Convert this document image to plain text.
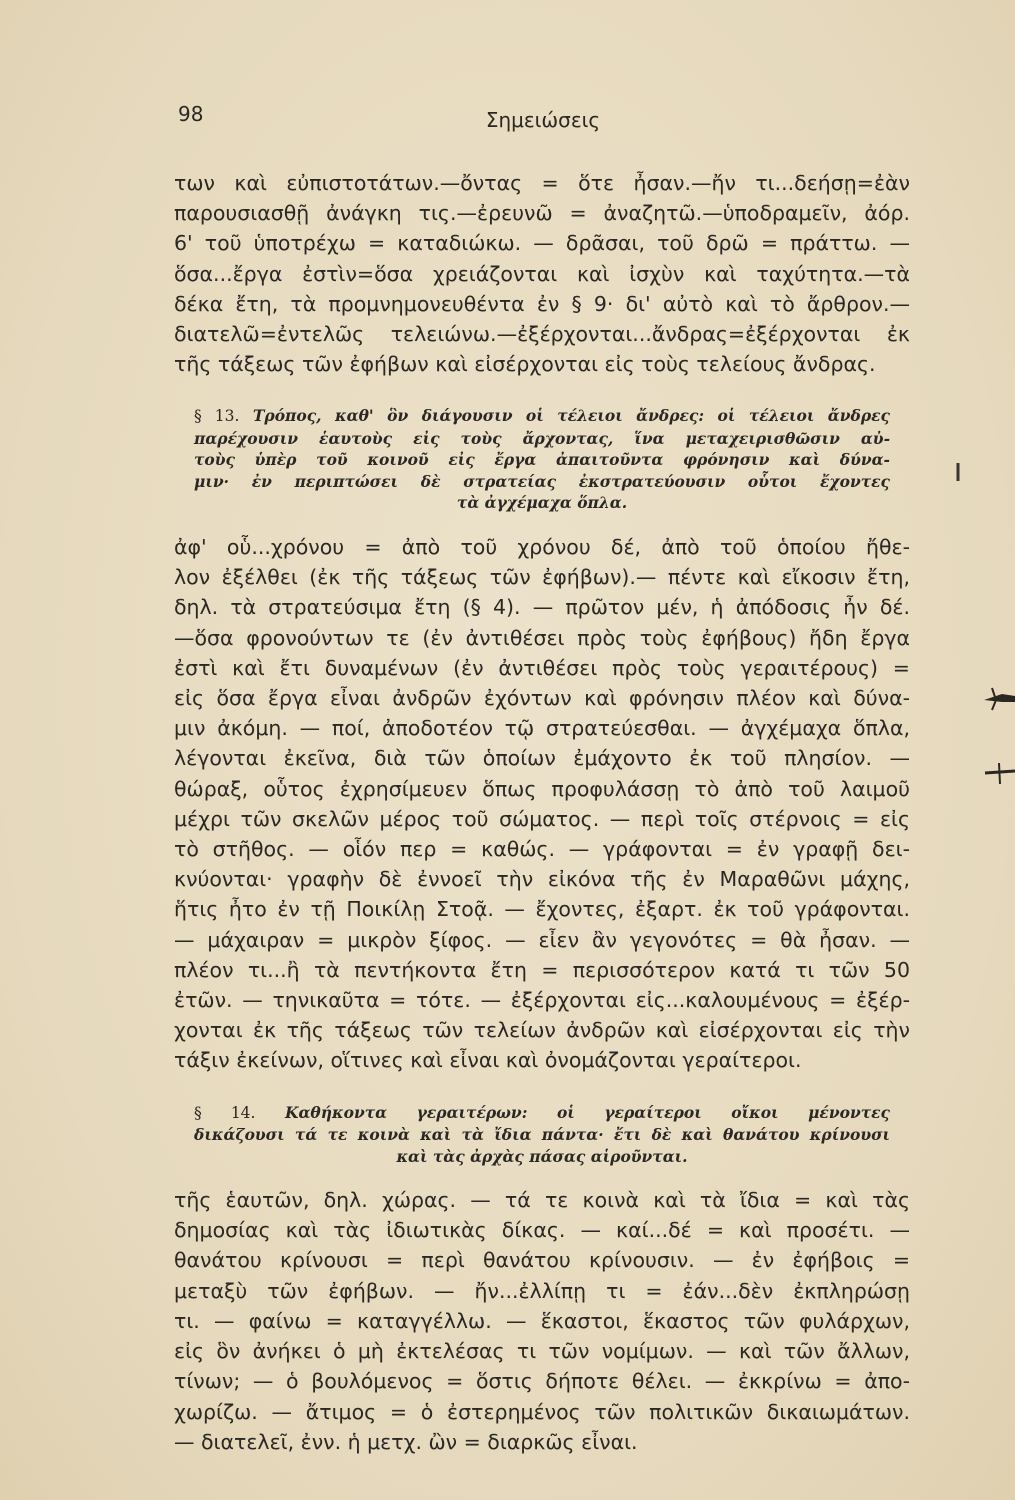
98	Σημειώσεις

των καὶ εὐπιστοτάτων.—ὄντας = ὅτε ἦσαν.—ἤν τι...δεήσῃ=ἐὰν
παρουσιασθῇ ἀνάγκη τις.—ἐρευνῶ = ἀναζητῶ.—ὑποδραμεῖν, ἀόρ.
6' τοῦ ὑποτρέχω = καταδιώκω. — δρᾶσαι, τοῦ δρῶ = πράττω. —
ὅσα...ἔργα ἐστὶν=ὅσα χρειάζονται καὶ ἰσχὺν καὶ ταχύτητα.—τὰ
δέκα ἔτη, τὰ προμνημονευθέντα ἐν § 9· δι' αὐτὸ καὶ τὸ ἄρθρον.—
διατελῶ=ἐντελῶς τελειώνω.—ἐξέρχονται...ἄνδρας=ἐξέρχονται ἐκ
τῆς τάξεως τῶν ἐφήβων καὶ εἰσέρχονται εἰς τοὺς τελείους ἄνδρας.

§ 13. Τρόπος, καθ' ὃν διάγουσιν οἱ τέλειοι ἄνδρες: οἱ τέλειοι ἄνδρες
παρέχουσιν ἑαυτοὺς εἰς τοὺς ἄρχοντας, ἵνα μεταχειρισθῶσιν αὐ-
τοὺς ὑπὲρ τοῦ κοινοῦ εἰς ἔργα ἀπαιτοῦντα φρόνησιν καὶ δύνα-
μιν· ἐν περιπτώσει δὲ στρατείας ἐκστρατεύουσιν οὗτοι ἔχοντες
τὰ ἀγχέμαχα ὅπλα.

ἀφ' οὗ...χρόνου = ἀπὸ τοῦ χρόνου δέ, ἀπὸ τοῦ ὁποίου ἤθε-
λον ἐξέλθει (ἐκ τῆς τάξεως τῶν ἐφήβων).— πέντε καὶ εἴκοσιν ἔτη,
δηλ. τὰ στρατεύσιμα ἔτη (§ 4). — πρῶτον μέν, ἡ ἀπόδοσις ἦν δέ.
—ὅσα φρονούντων τε (ἐν ἀντιθέσει πρὸς τοὺς ἐφήβους) ἤδη ἔργα
ἐστὶ καὶ ἔτι δυναμένων (ἐν ἀντιθέσει πρὸς τοὺς γεραιτέρους) =
εἰς ὅσα ἔργα εἶναι ἀνδρῶν ἐχόντων καὶ φρόνησιν πλέον καὶ δύνα-
μιν ἀκόμη. — ποί, ἀποδοτέον τῷ στρατεύεσθαι. — ἀγχέμαχα ὅπλα,
λέγονται ἐκεῖνα, διὰ τῶν ὁποίων ἐμάχοντο ἐκ τοῦ πλησίον. —
θώραξ, οὗτος ἐχρησίμευεν ὅπως προφυλάσσῃ τὸ ἀπὸ τοῦ λαιμοῦ
μέχρι τῶν σκελῶν μέρος τοῦ σώματος. — περὶ τοῖς στέρνοις = εἰς
τὸ στῆθος. — οἷόν περ = καθώς. — γράφονται = ἐν γραφῇ δει-
κνύονται· γραφὴν δὲ ἐννοεῖ τὴν εἰκόνα τῆς ἐν Μαραθῶνι μάχης,
ἥτις ἦτο ἐν τῇ Ποικίλῃ Στοᾷ. — ἔχοντες, ἐξαρτ. ἐκ τοῦ γράφονται.
— μάχαιραν = μικρὸν ξίφος. — εἶεν ἂν γεγονότες = θὰ ἦσαν. —
πλέον τι...ἢ τὰ πεντήκοντα ἔτη = περισσότερον κατά τι τῶν 50
ἐτῶν. — τηνικαῦτα = τότε. — ἐξέρχονται εἰς...καλουμένους = ἐξέρ-
χονται ἐκ τῆς τάξεως τῶν τελείων ἀνδρῶν καὶ εἰσέρχονται εἰς τὴν
τάξιν ἐκείνων, οἵτινες καὶ εἶναι καὶ ὀνομάζονται γεραίτεροι.

§ 14. Καθήκοντα γεραιτέρων: οἱ γεραίτεροι οἴκοι μένοντες
δικάζουσι τά τε κοινὰ καὶ τὰ ἴδια πάντα· ἔτι δὲ καὶ θανάτου κρίνουσι
καὶ τὰς ἀρχὰς πάσας αἱροῦνται.

τῆς ἑαυτῶν, δηλ. χώρας. — τά τε κοινὰ καὶ τὰ ἴδια = καὶ τὰς
δημοσίας καὶ τὰς ἰδιωτικὰς δίκας. — καί...δέ = καὶ προσέτι. —
θανάτου κρίνουσι = περὶ θανάτου κρίνουσιν. — ἐν ἐφήβοις =
μεταξὺ τῶν ἐφήβων. — ἤν...ἐλλίπῃ τι = ἐάν...δὲν ἐκπληρώσῃ
τι. — φαίνω = καταγγέλλω. — ἕκαστοι, ἕκαστος τῶν φυλάρχων,
εἰς ὃν ἀνήκει ὁ μὴ ἐκτελέσας τι τῶν νομίμων. — καὶ τῶν ἄλλων,
τίνων; — ὁ βουλόμενος = ὅστις δήποτε θέλει. — ἐκκρίνω = ἀπο-
χωρίζω. — ἄτιμος = ὁ ἐστερημένος τῶν πολιτικῶν δικαιωμάτων.
— διατελεῖ, ἐνν. ἡ μετχ. ὢν = διαρκῶς εἶναι.
